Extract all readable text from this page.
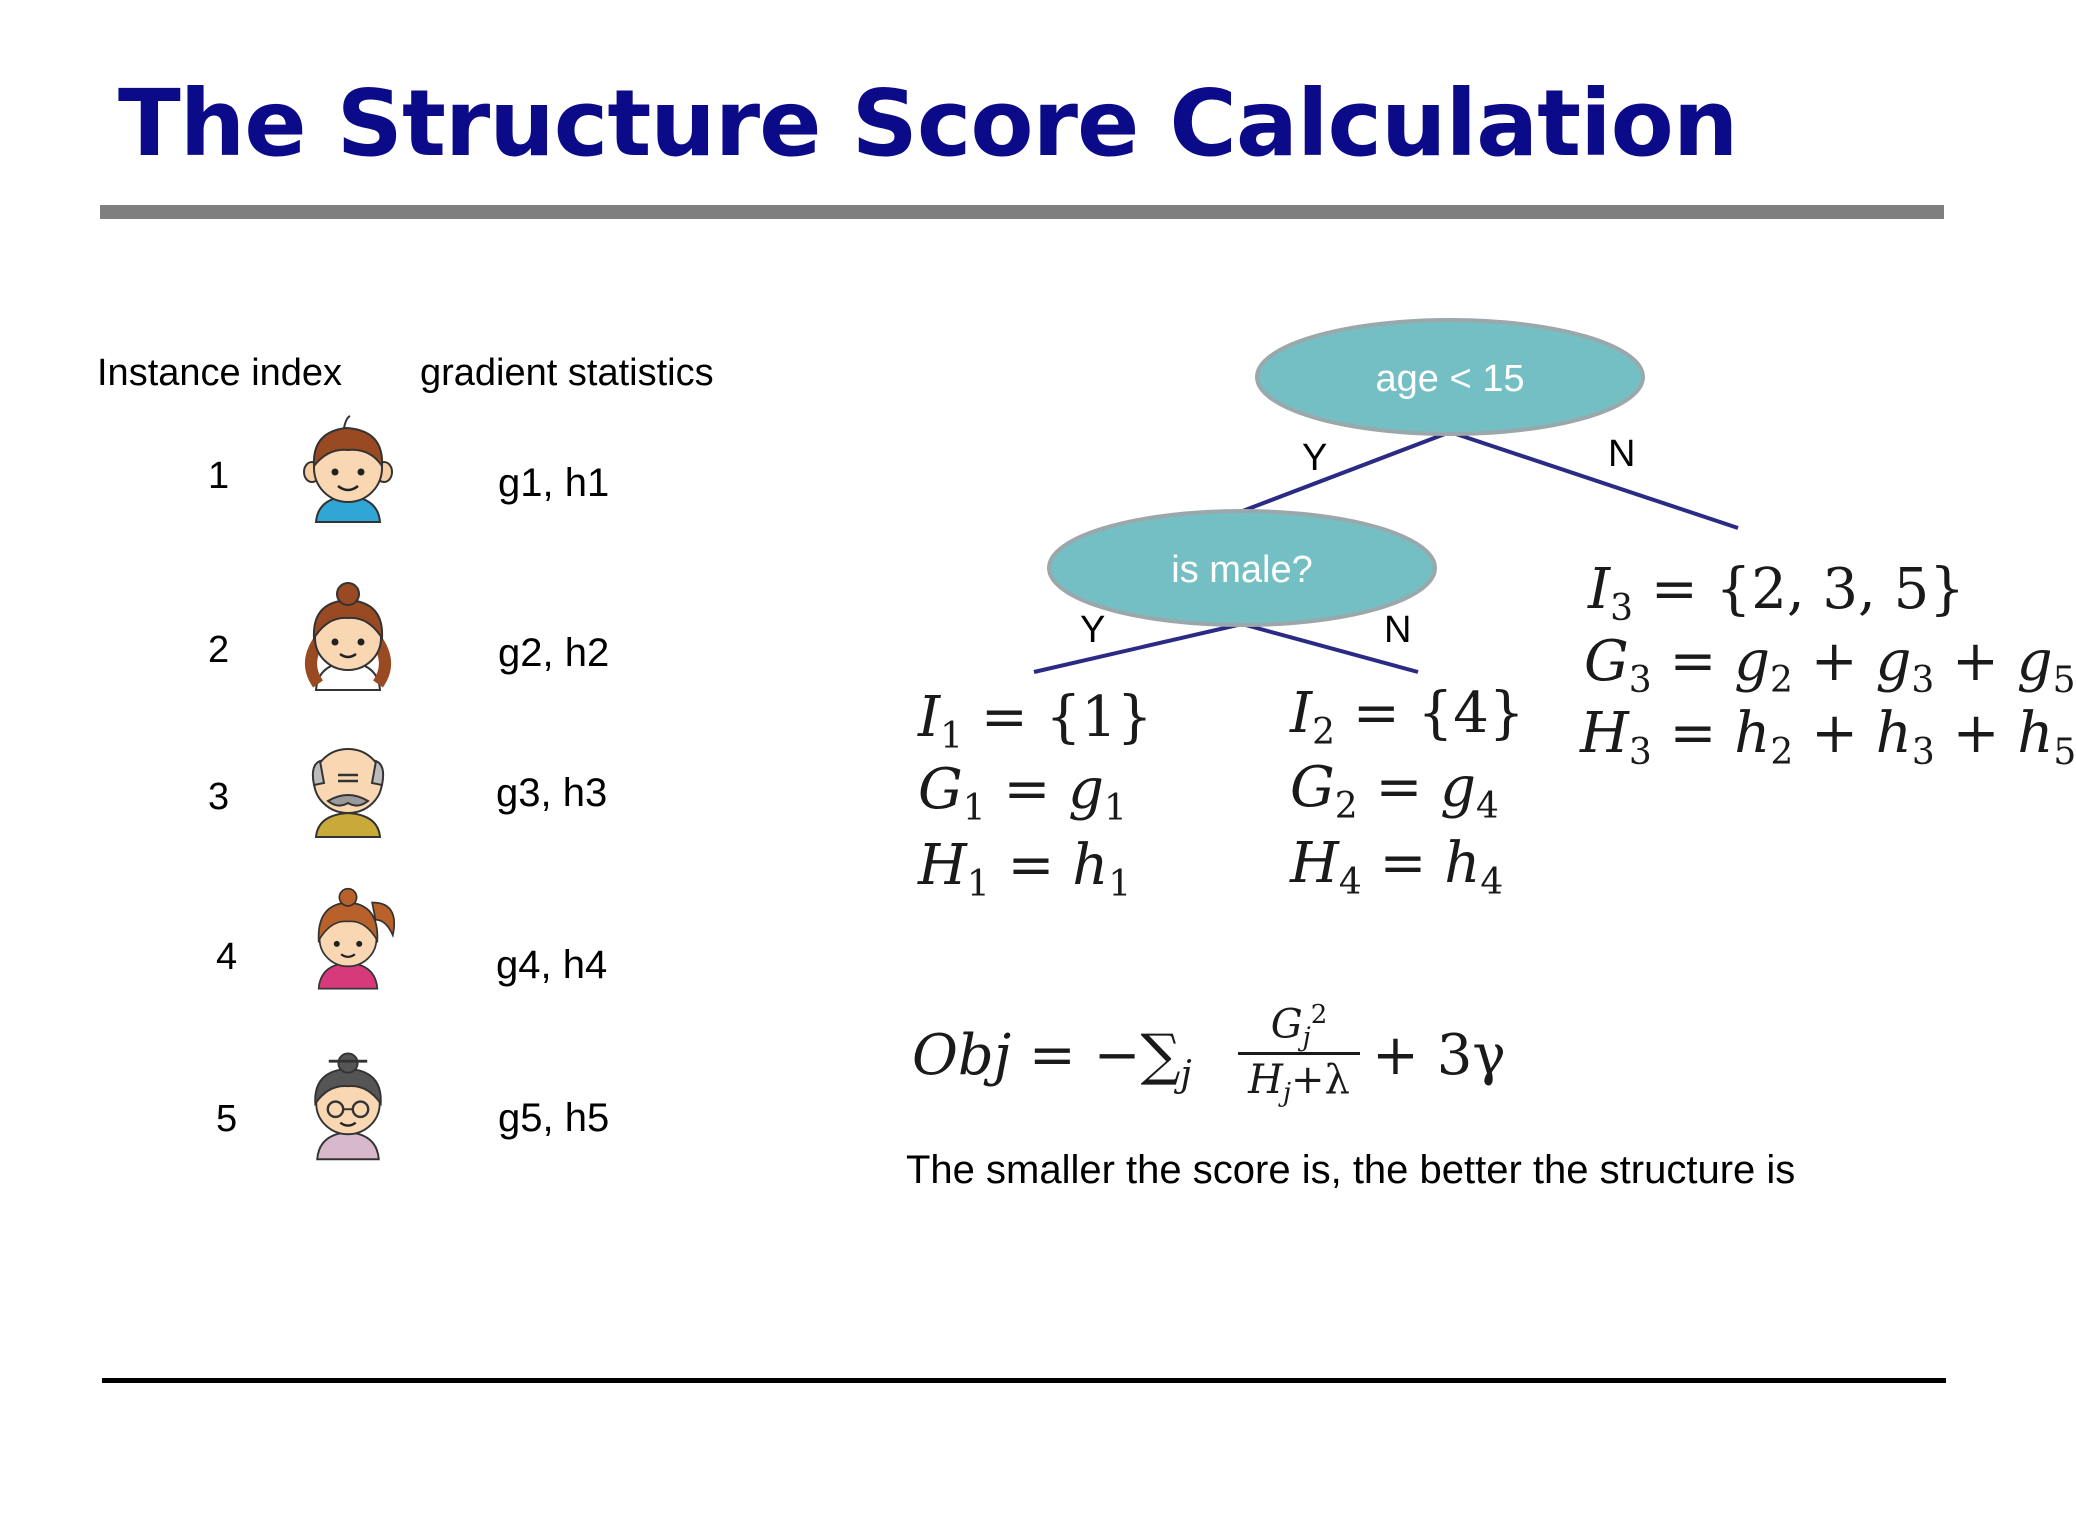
The Structure Score Calculation
Instance index gradient statistics
1
2
3
4
5
g1, h1
g2, h2
g3, h3
g4, h4
g5, h5
age < 15
is male?
Y	N
Y	N
$I_1 = \{1\}$
$G_1 = g_1$
$H_1 = h_1$
$I_2 = \{4\}$
$G_2 = g_4$
$H_4 = h_4$
$I_3 = \{2$, 3, 5}
$G_3 = g_2 + g_3 + g_5$
$H_3 = h_2 + h_3 + h_5$
Obj = $-\sum_j$
$G_j^2$
$H_j+\lambda + 3\gamma$
The smaller the score is, the better the structure is
